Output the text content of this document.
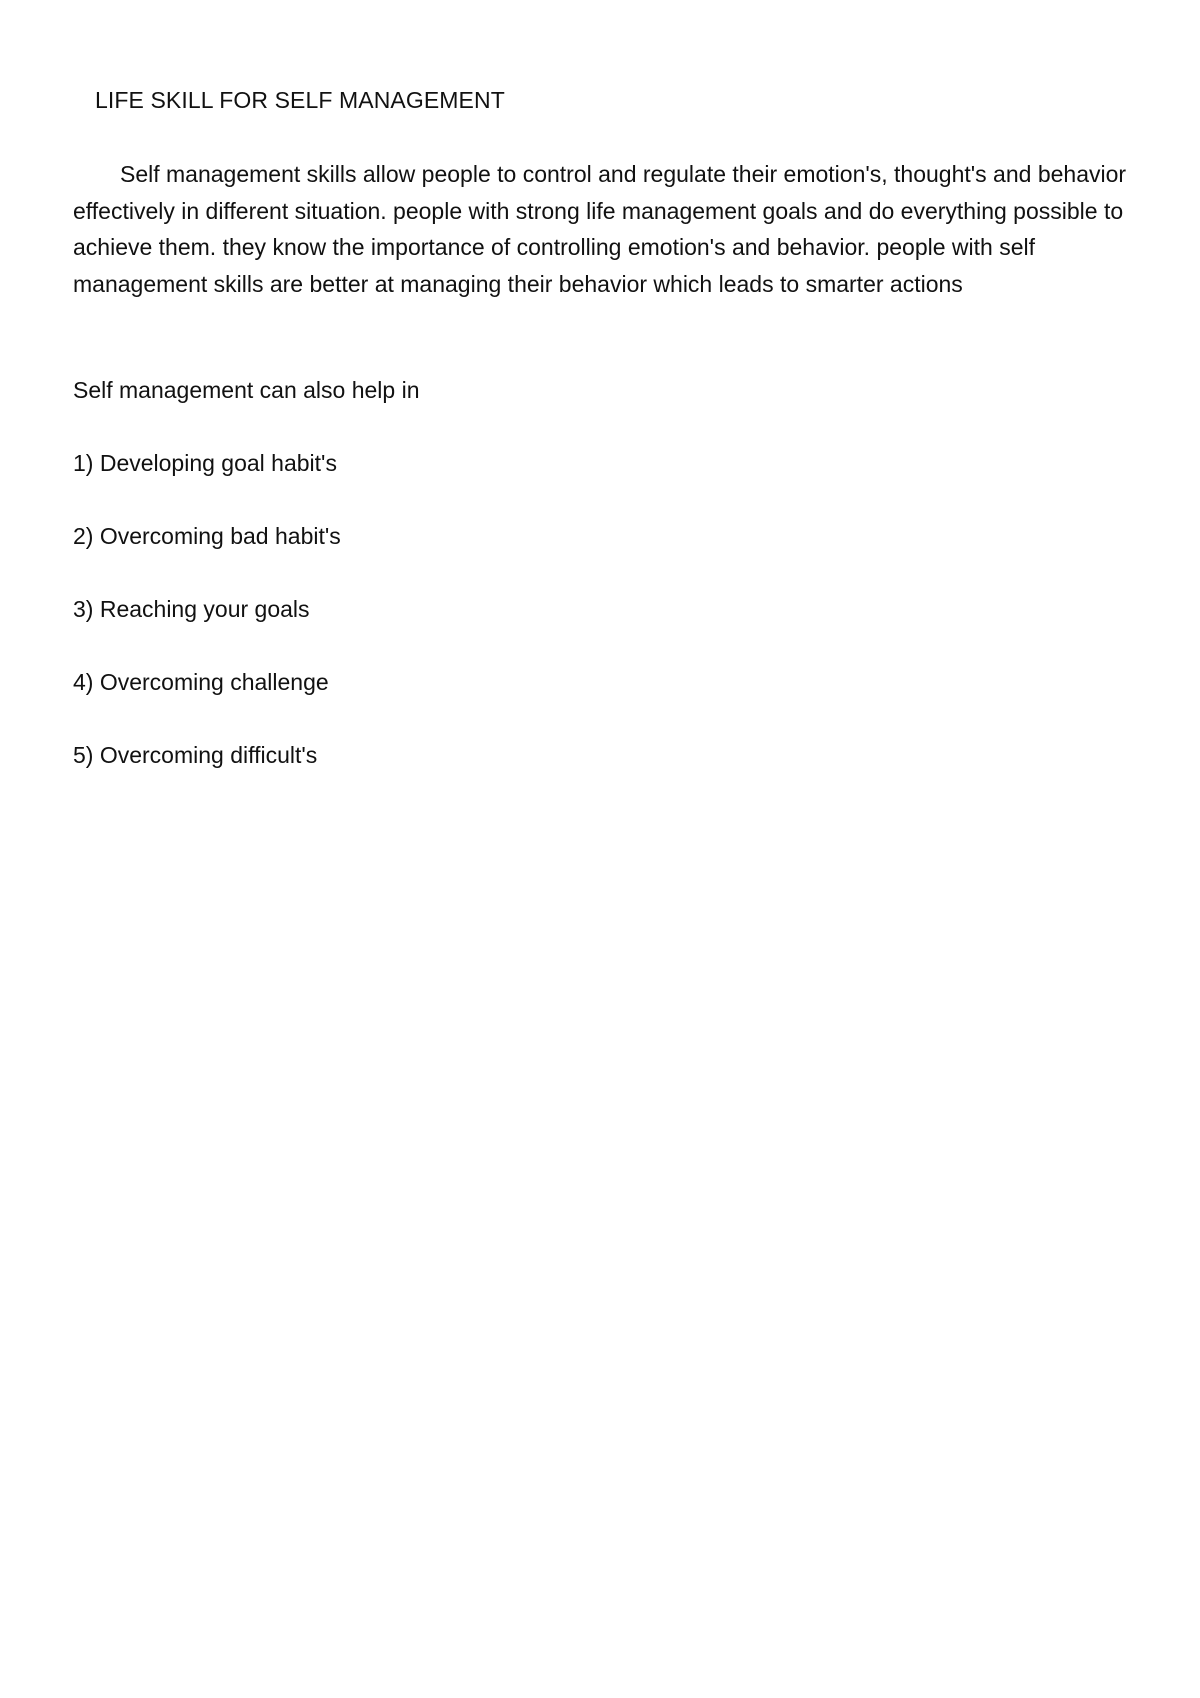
LIFE SKILL FOR SELF MANAGEMENT

Self management skills allow people to control and regulate their emotion's, thought's and behavior effectively in different situation. people with strong life management goals and do everything possible to achieve them. they know the importance of controlling emotion's and behavior. people with self management skills are better at managing their behavior which leads to smarter actions

Self management can also help in

1) Developing goal habit's
2) Overcoming bad habit's
3) Reaching your goals
4) Overcoming challenge
5) Overcoming difficult's
